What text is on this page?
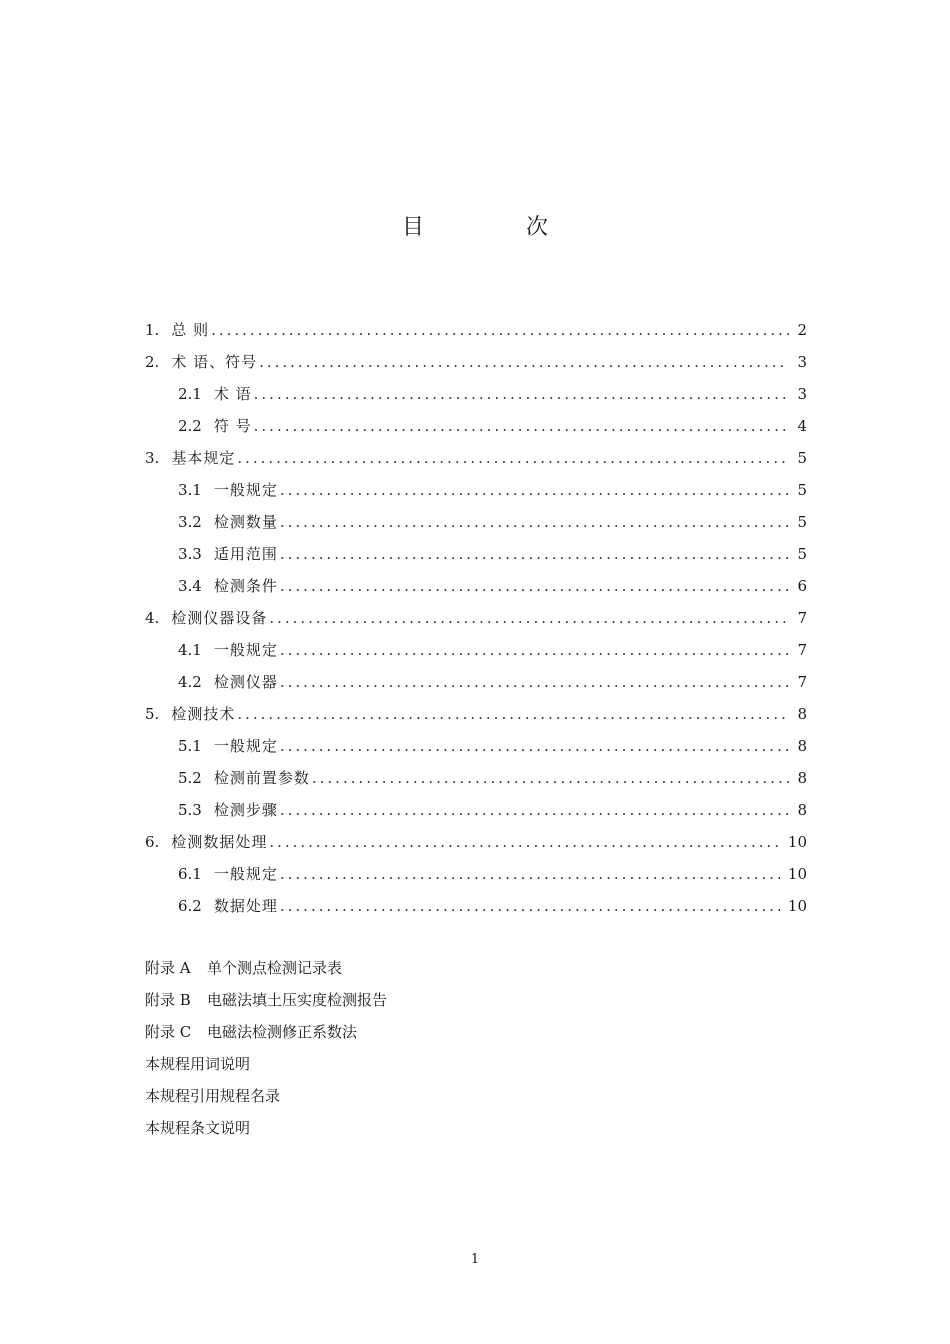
目　次
1. 总 则 .....	2
2. 术 语、符号 .....	3
2.1 术 语 .....	3
2.2 符 号 .....	4
3. 基本规定 .....	5
3.1 一般规定 .....	5
3.2 检测数量 .....	5
3.3 适用范围 .....	5
3.4 检测条件 .....	6
4. 检测仪器设备 .....	7
4.1 一般规定 .....	7
4.2 检测仪器 .....	7
5. 检测技术 .....	8
5.1 一般规定 .....	8
5.2 检测前置参数 .....	8
5.3 检测步骤 .....	8
6. 检测数据处理 .....	10
6.1 一般规定 .....	10
6.2 数据处理 .....	10
附录 A 单个测点检测记录表
附录 B 电磁法填土压实度检测报告
附录 C 电磁法检测修正系数法
本规程用词说明
本规程引用规程名录
本规程条文说明
1
